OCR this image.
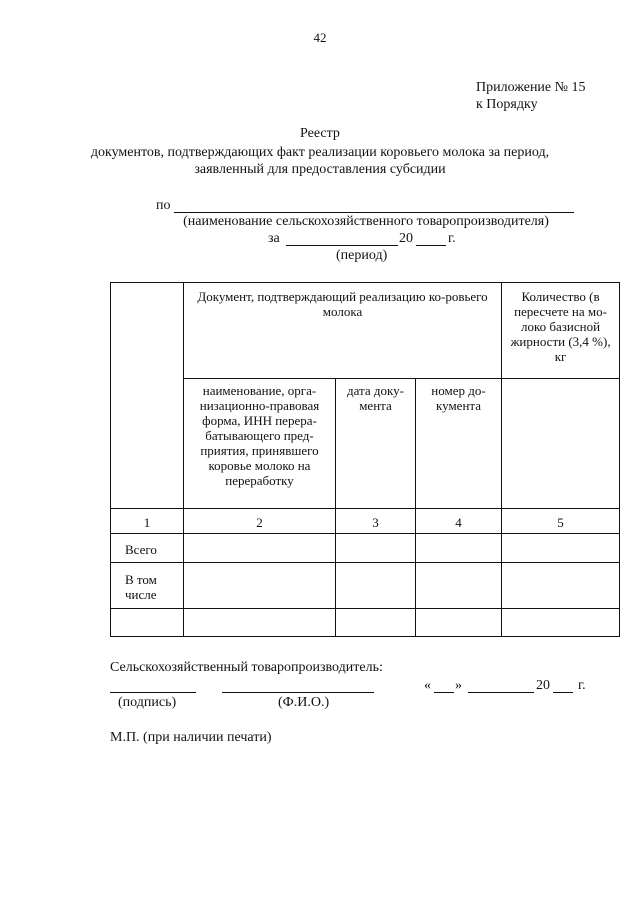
42
Приложение № 15
к Порядку
Реестр
документов, подтверждающих факт реализации коровьего молока за период,
заявленный для предоставления субсидии
по
(наименование сельскохозяйственного товаропроизводителя)
за	20	г.
(период)
	Документ, подтверждающий реализацию ко-ровьего молока			Количество (в пересчете на мо-локо базисной жирности (3,4 %), кг
	наименование, орга-низационно-правовая форма, ИНН перера-батывающего пред-приятия, принявшего коровье молоко на переработку	дата доку-мента	номер до-кумента	
1	2	3	4	5
Всего				
В том числе				

Сельскохозяйственный товаропроизводитель:
(подпись)	(Ф.И.О.)
« »	20 г.
М.П. (при наличии печати)
